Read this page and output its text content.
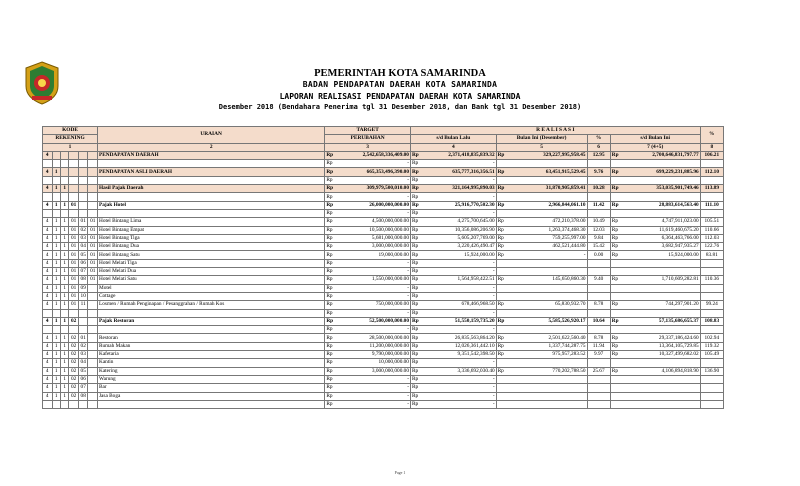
PEMERINTAH KOTA SAMARINDA
BADAN PENDAPATAN DAERAH KOTA SAMARINDA
LAPORAN REALISASI PENDAPATAN DAERAH KOTA SAMARINDA
Desember 2018 (Bendahara Penerima tgl 31 Desember 2018, dan Bank tgl 31 Desember 2018)
KODE						URAIAN	TARGET		R E A L I S A S I							%
REKENING							PERUBAHAN		s/d Bulan Lalu		Bulan Ini (Desember)		%	s/d Bulan Ini		
1						2	3		4		5		6	7 (4+5)		8
4						PENDAPATAN DAERAH	Rp	2,542,658,336,409.00	Rp	2,371,418,835,839.32	Rp	329,227,995,958.45	12.95	Rp	2,700,646,831,797.77	106.21
							Rp	-	Rp	-						
4	1					PENDAPATAN ASLI DAERAH	Rp	665,353,496,390.00	Rp	635,777,316,356.51	Rp	63,451,915,529.45	9.76	Rp	699,229,231,885.96	112.10
							Rp	-	Rp	-						
4	1	1				Hasil Pajak Daerah	Rp	309,979,500,010.00	Rp	321,164,995,890.03	Rp	31,870,905,859.41	10.28	Rp	353,035,901,749.46	113.89
							Rp	-	Rp	-						
4	1	1	01			Pajak Hotel	Rp	26,000,000,000.00	Rp	25,916,770,502.30	Rp	2,966,844,061.10	11.42	Rp	28,883,614,563.40	111.10
							Rp	-	Rp	-						
4	1	1	01	01	01	Hotel Bintang Lima	Rp	4,500,000,000.00	Rp	4,275,700,645.00	Rp	472,210,378.00	10.49	Rp	4,747,911,023.00	105.51
4	1	1	01	02	01	Hotel Bintang Empat	Rp	10,500,000,000.00	Rp	10,356,086,206.90	Rp	1,263,374,468.30	12.03	Rp	11,619,460,675.20	110.66
4	1	1	01	03	01	Hotel Bintang Tiga	Rp	5,681,000,000.00	Rp	5,605,207,769.00	Rp	759,255,997.00	9.84	Rp	6,364,463,766.00	112.03
4	1	1	01	04	01	Hotel Bintang Dua	Rp	3,000,000,000.00	Rp	3,220,426,490.47	Rp	462,521,444.80	15.42	Rp	3,682,947,935.27	122.76
4	1	1	01	05	01	Hotel Bintang Satu	Rp	19,000,000.00	Rp	15,924,000.00	Rp	-	0.00	Rp	15,924,000.00	83.81
4	1	1	01	06	01	Hotel Melati Tiga	Rp	-	Rp	-						
4	1	1	01	07	01	Hotel Melati Dua	Rp	-	Rp	-						
4	1	1	01	08	01	Hotel Melati Satu	Rp	1,550,000,000.00	Rp	1,564,958,422.51	Rp	145,650,860.30	9.40	Rp	1,710,609,282.81	110.36
4	1	1	01	09		Motel	Rp	-	Rp	-						
4	1	1	01	10		Cottage	Rp	-	Rp	-						
4	1	1	01	11		Losmen / Rumah Penginapan / Pesanggrahan / Rumah Kos	Rp	750,000,000.00	Rp	678,466,968.50	Rp	65,830,932.70	8.78	Rp	744,297,901.20	99.24
							Rp	-	Rp	-						
4	1	1	02			Pajak Restoran	Rp	52,500,000,000.00	Rp	51,550,159,735.20	Rp	5,585,526,920.17	10.64	Rp	57,135,686,655.37	108.83
							Rp	-	Rp	-						
4	1	1	02	01		Restoran	Rp	28,500,000,000.00	Rp	26,835,563,864.20	Rp	2,501,622,560.40	8.78	Rp	29,337,186,424.60	102.94
4	1	1	02	02		Rumah Makan	Rp	11,200,000,000.00	Rp	12,026,361,442.10	Rp	1,337,744,287.75	11.94	Rp	13,364,105,729.85	119.32
4	1	1	02	03		Kafetaria	Rp	9,790,000,000.00	Rp	9,351,542,398.50	Rp	975,957,283.52	9.97	Rp	10,327,499,682.02	105.49
4	1	1	02	04		Kantin	Rp	10,000,000.00	Rp	-						
4	1	1	02	05		Katering	Rp	3,000,000,000.00	Rp	3,336,692,030.40	Rp	770,202,788.50	25.67	Rp	4,106,894,818.90	136.90
4	1	1	02	06		Warung	Rp	-	Rp	-						
4	1	1	02	07		Bar	Rp	-	Rp	-						
4	1	1	02	08		Jasa Boga	Rp	-	Rp	-						
							Rp	-	Rp	-						
Page 1
